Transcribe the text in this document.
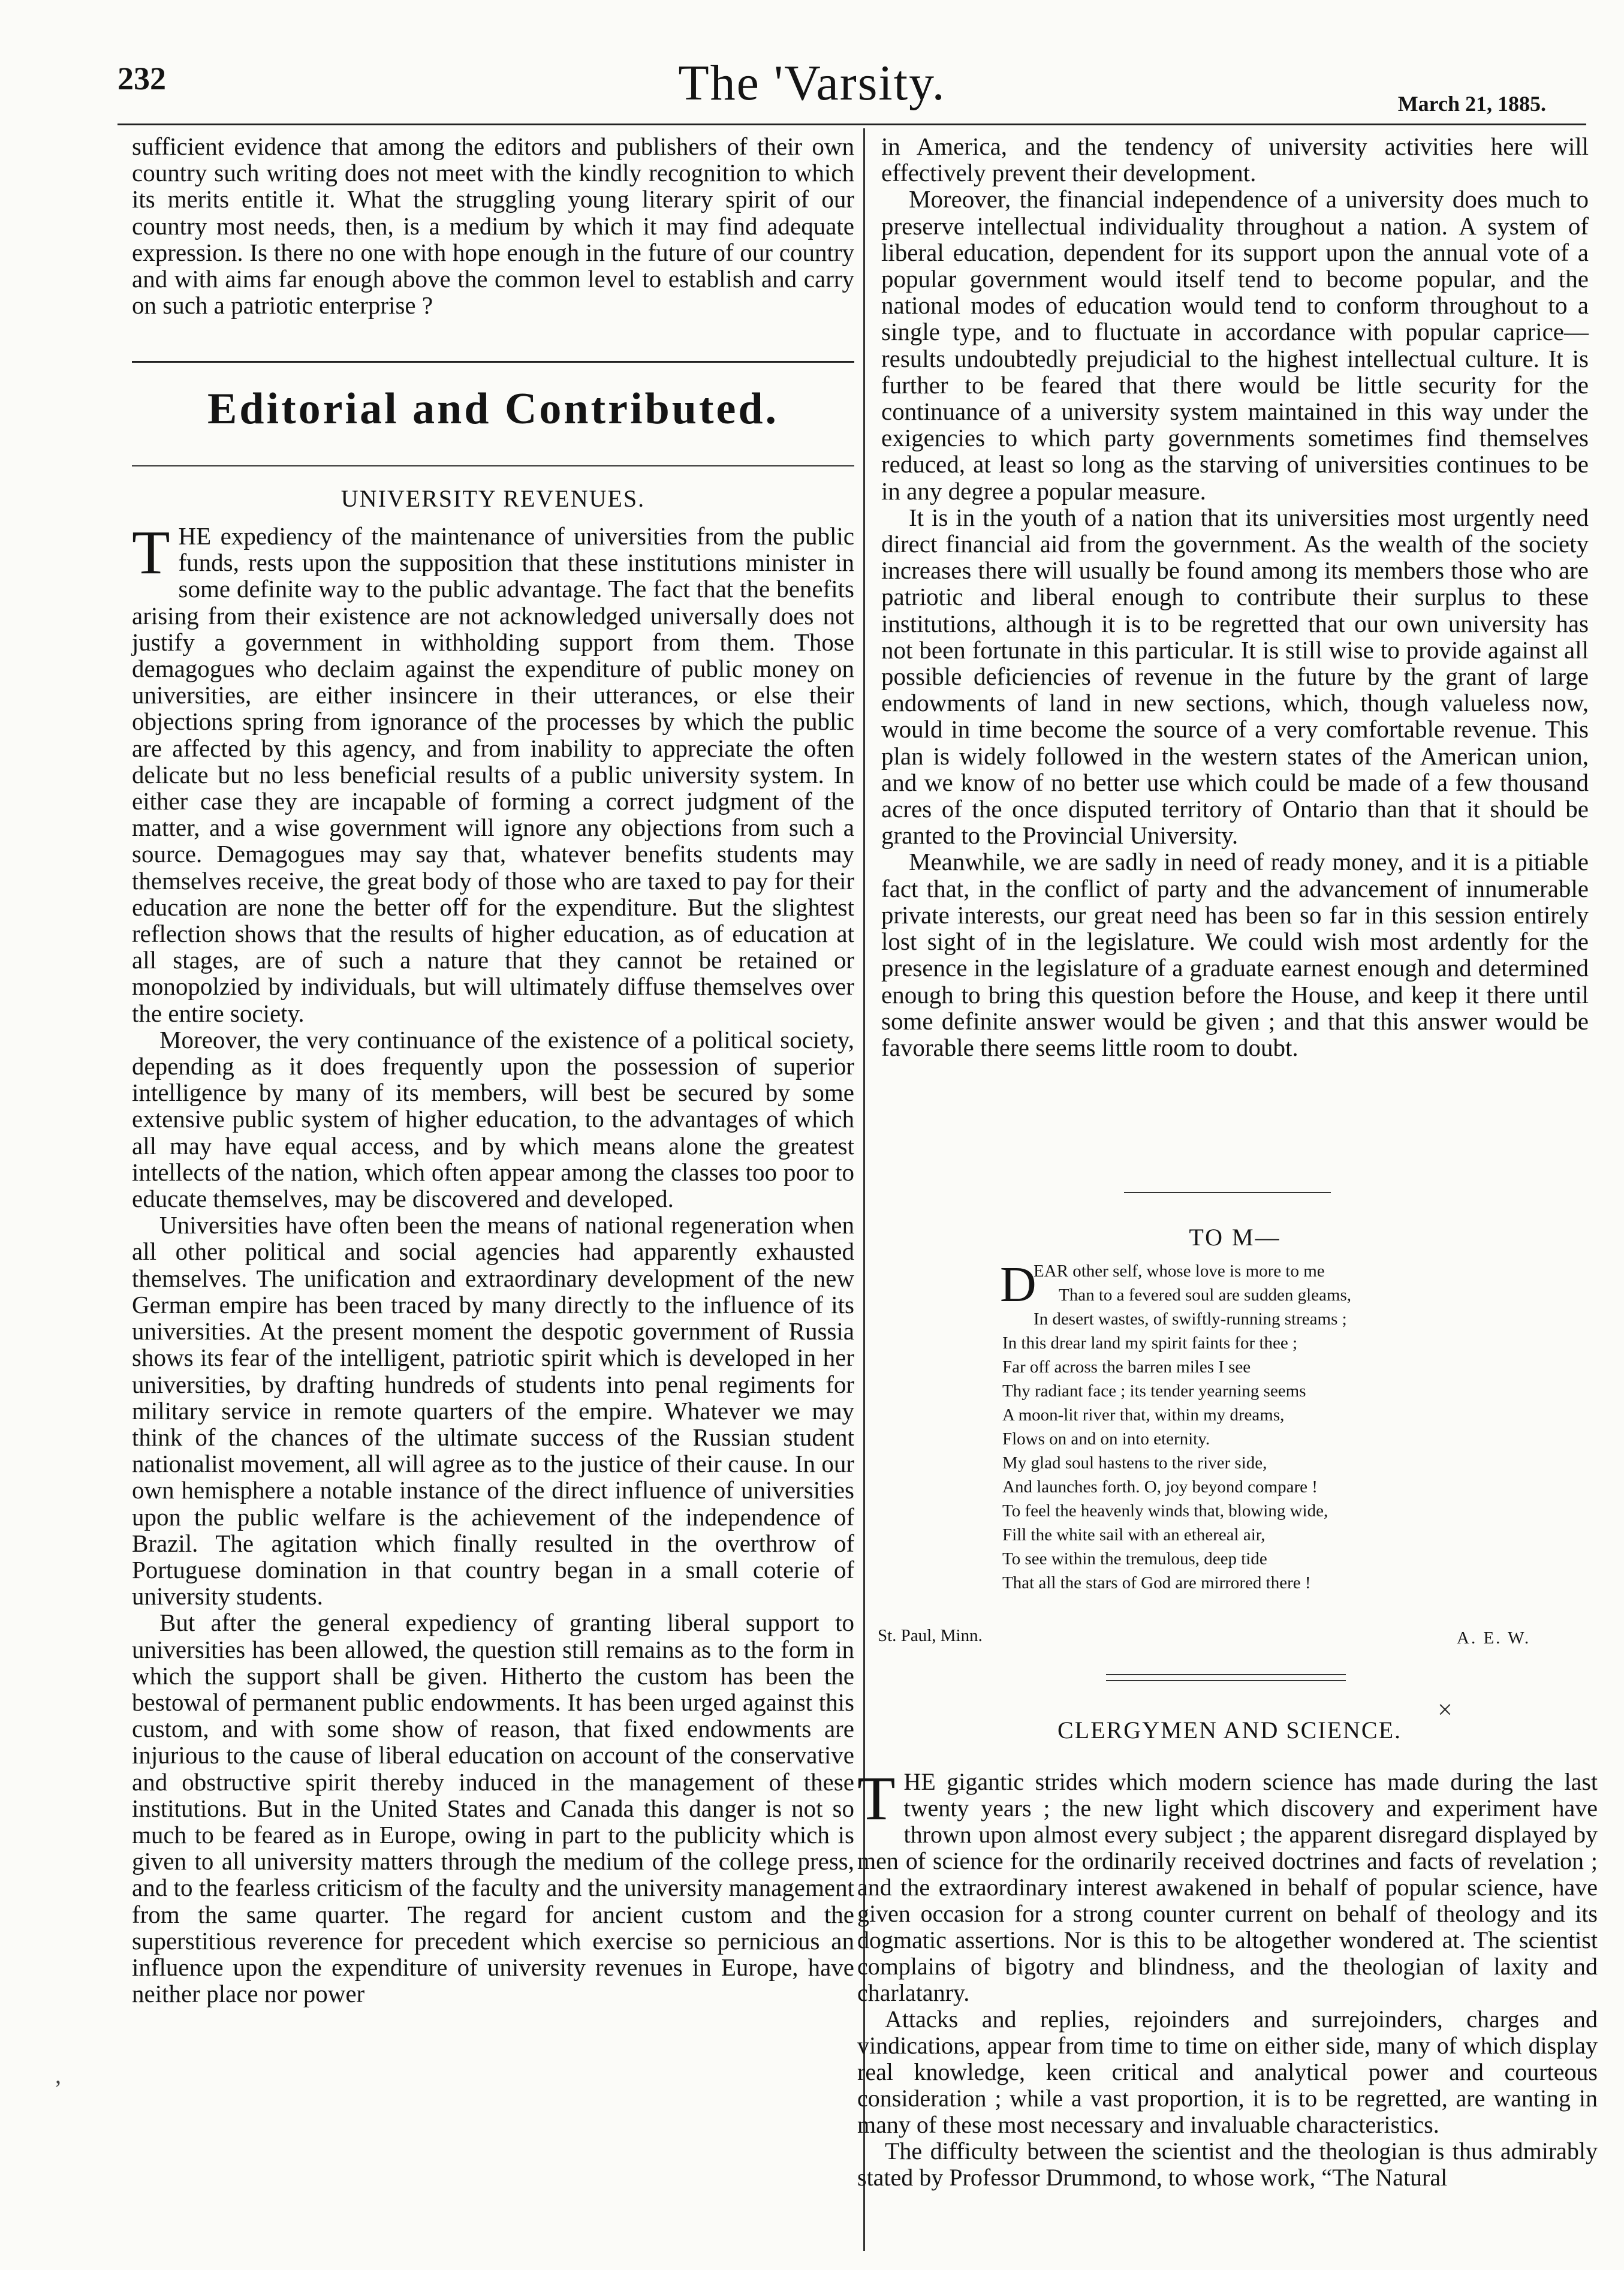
232	The 'Varsity.	March 21, 1885.

sufficient evidence that among the editors and publishers of their own country such writing does not meet with the kindly recognition to which its merits entitle it. What the struggling young literary spirit of our country most needs, then, is a medium by which it may find adequate expression. Is there no one with hope enough in the future of our country and with aims far enough above the common level to establish and carry on such a patriotic enterprise ?

Editorial and Contributed.
UNIVERSITY REVENUES.

THE expediency of the maintenance of universities from the public funds, rests upon the supposition that these institutions minister in some definite way to the public advantage. The fact that the benefits arising from their existence are not acknowledged universally does not justify a government in withholding support from them. Those demagogues who declaim against the expenditure of public money on universities, are either insincere in their utterances, or else their objections spring from ignorance of the processes by which the public are affected by this agency, and from inability to appreciate the often delicate but no less beneficial results of a public university system. In either case they are incapable of forming a correct judgment of the matter, and a wise government will ignore any objections from such a source. Demagogues may say that, whatever benefits students may themselves receive, the great body of those who are taxed to pay for their education are none the better off for the expenditure. But the slightest reflection shows that the results of higher education, as of education at all stages, are of such a nature that they cannot be retained or monopolzied by individuals, but will ultimately diffuse themselves over the entire society.

Moreover, the very continuance of the existence of a political society, depending as it does frequently upon the possession of superior intelligence by many of its members, will best be secured by some extensive public system of higher education, to the advantages of which all may have equal access, and by which means alone the greatest intellects of the nation, which often appear among the classes too poor to educate themselves, may be discovered and developed.

Universities have often been the means of national regeneration when all other political and social agencies had apparently exhausted themselves. The unification and extraordinary development of the new German empire has been traced by many directly to the influence of its universities. At the present moment the despotic government of Russia shows its fear of the intelligent, patriotic spirit which is developed in her universities, by drafting hundreds of students into penal regiments for military service in remote quarters of the empire. Whatever we may think of the chances of the ultimate success of the Russian student nationalist movement, all will agree as to the justice of their cause. In our own hemisphere a notable instance of the direct influence of universities upon the public welfare is the achievement of the independence of Brazil. The agitation which finally resulted in the overthrow of Portuguese domination in that country began in a small coterie of university students.

But after the general expediency of granting liberal support to universities has been allowed, the question still remains as to the form in which the support shall be given. Hitherto the custom has been the bestowal of permanent public endowments. It has been urged against this custom, and with some show of reason, that fixed endowments are injurious to the cause of liberal education on account of the conservative and obstructive spirit thereby induced in the management of these institutions. But in the United States and Canada this danger is not so much to be feared as in Europe, owing in part to the publicity which is given to all university matters through the medium of the college press, and to the fearless criticism of the faculty and the university management from the same quarter. The regard for ancient custom and the superstitious reverence for precedent which exercise so pernicious an influence upon the expenditure of university revenues in Europe, have neither place nor power

in America, and the tendency of university activities here will effectively prevent their development.

Moreover, the financial independence of a university does much to preserve intellectual individuality throughout a nation. A system of liberal education, dependent for its support upon the annual vote of a popular government would itself tend to become popular, and the national modes of education would tend to conform throughout to a single type, and to fluctuate in accordance with popular caprice—results undoubtedly prejudicial to the highest intellectual culture. It is further to be feared that there would be little security for the continuance of a university system maintained in this way under the exigencies to which party governments sometimes find themselves reduced, at least so long as the starving of universities continues to be in any degree a popular measure.

It is in the youth of a nation that its universities most urgently need direct financial aid from the government. As the wealth of the society increases there will usually be found among its members those who are patriotic and liberal enough to contribute their surplus to these institutions, although it is to be regretted that our own university has not been fortunate in this particular. It is still wise to provide against all possible deficiencies of revenue in the future by the grant of large endowments of land in new sections, which, though valueless now, would in time become the source of a very comfortable revenue. This plan is widely followed in the western states of the American union, and we know of no better use which could be made of a few thousand acres of the once disputed territory of Ontario than that it should be granted to the Provincial University.

Meanwhile, we are sadly in need of ready money, and it is a pitiable fact that, in the conflict of party and the advancement of innumerable private interests, our great need has been so far in this session entirely lost sight of in the legislature. We could wish most ardently for the presence in the legislature of a graduate earnest enough and determined enough to bring this question before the House, and keep it there until some definite answer would be given ; and that this answer would be favorable there seems little room to doubt.

TO M—
D
EAR other self, whose love is more to me
Than to a fevered soul are sudden gleams,
In desert wastes, of swiftly-running streams ;
In this drear land my spirit faints for thee ;
Far off across the barren miles I see
Thy radiant face ; its tender yearning seems
A moon-lit river that, within my dreams,
Flows on and on into eternity.
My glad soul hastens to the river side,
And launches forth. O, joy beyond compare !
To feel the heavenly winds that, blowing wide,
Fill the white sail with an ethereal air,
To see within the tremulous, deep tide
That all the stars of God are mirrored there !
St. Paul, Minn.	A. E. W.
CLERGYMEN AND SCIENCE.
×

THE gigantic strides which modern science has made during the last twenty years ; the new light which discovery and experiment have thrown upon almost every subject ; the apparent disregard displayed by men of science for the ordinarily received doctrines and facts of revelation ; and the extraordinary interest awakened in behalf of popular science, have given occasion for a strong counter current on behalf of theology and its dogmatic assertions. Nor is this to be altogether wondered at. The scientist complains of bigotry and blindness, and the theologian of laxity and charlatanry.

Attacks and replies, rejoinders and surrejoinders, charges and vindications, appear from time to time on either side, many of which display real knowledge, keen critical and analytical power and courteous consideration ; while a vast proportion, it is to be regretted, are wanting in many of these most necessary and invaluable characteristics.

The difficulty between the scientist and the theologian is thus admirably stated by Professor Drummond, to whose work, “The Natural

’
